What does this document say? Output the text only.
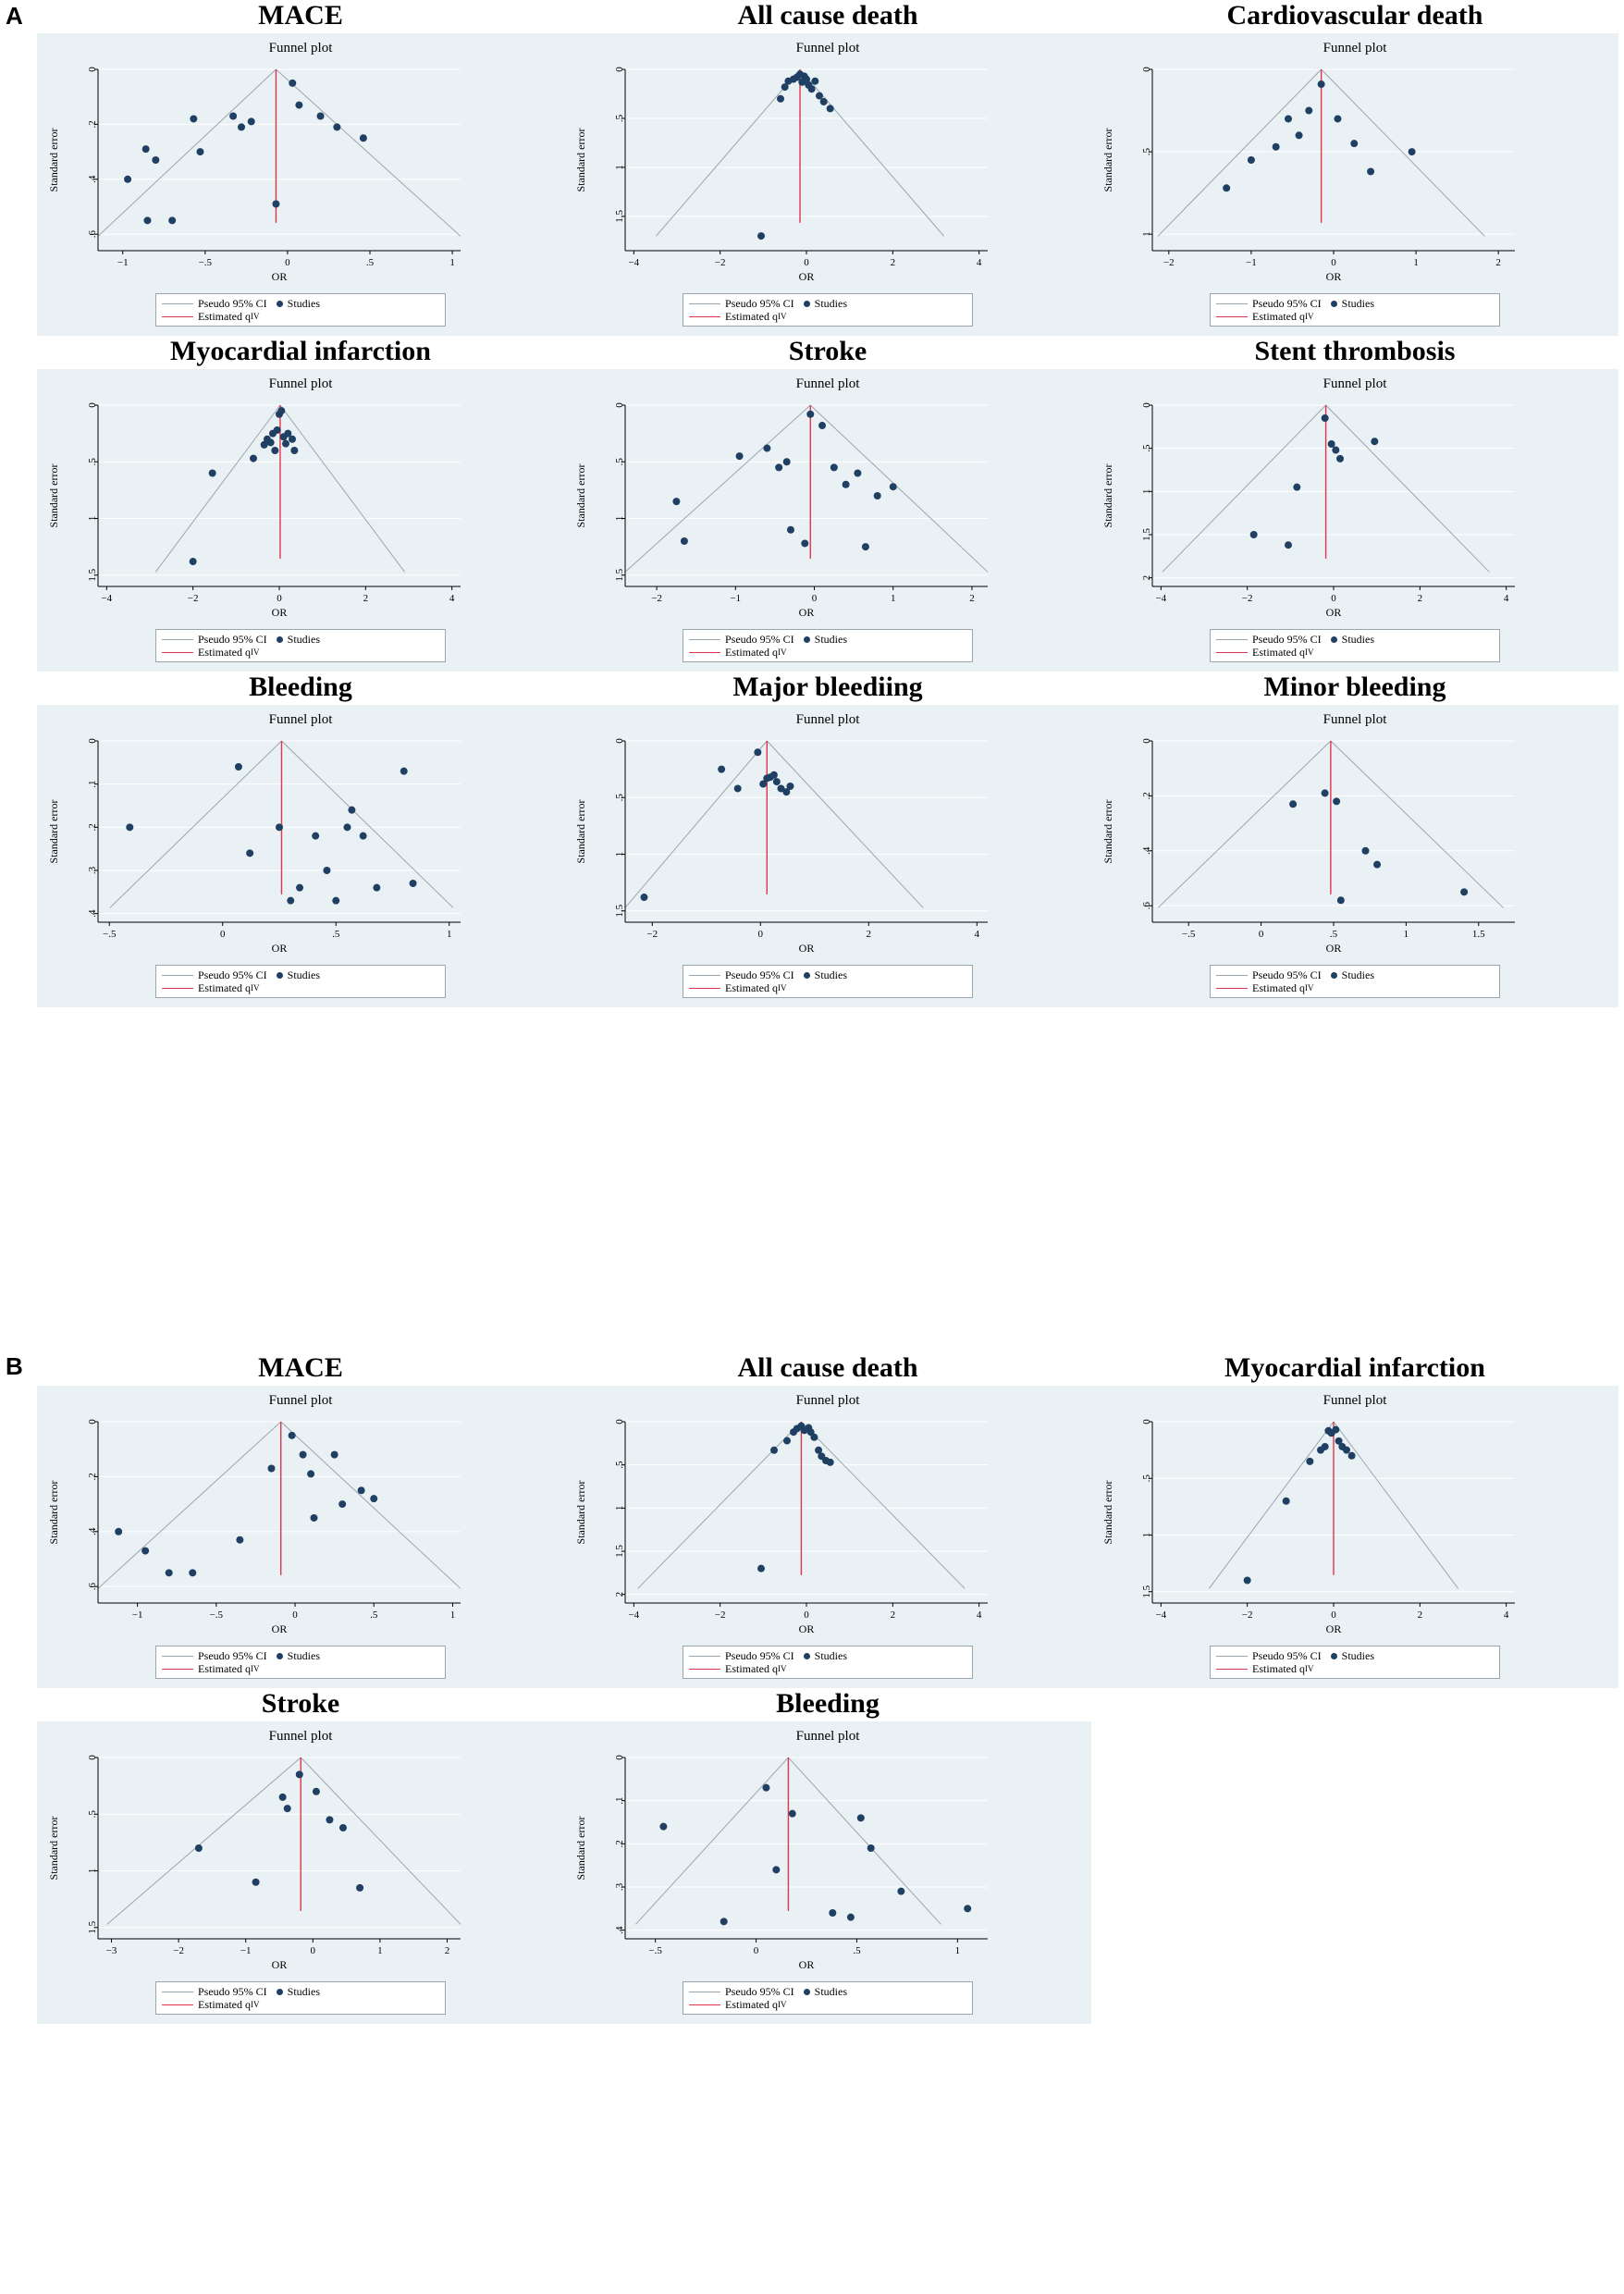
A
B
MACE
Funnel plot
−1	−.5	0	.5	1
0
.2
.4
.6
OR
Standard error
Pseudo 95% CI Studies
Estimated q IV
All cause death
Funnel plot
−4	−2	0	2	4
0
.5
1
1.5
OR
Standard error
Pseudo 95% CI Studies
Estimated q IV
Cardiovascular death
Funnel plot
−2	−1	0	1	2
0
.5
1
OR
Standard error
Pseudo 95% CI Studies
Estimated q IV
Myocardial infarction
Funnel plot
−4	−2	0	2	4
0
.5
1
1.5
OR
Standard error
Pseudo 95% CI Studies
Estimated q IV
Stroke
Funnel plot
−2	−1	0	1	2
0
.5
1
1.5
OR
Standard error
Pseudo 95% CI Studies
Estimated q IV
Stent thrombosis
Funnel plot
−4	−2	0	2	4
0
.5
1
1.5
2
OR
Standard error
Pseudo 95% CI Studies
Estimated q IV
Bleeding
Funnel plot
−.5	0	.5	1
0
.1
.2
.3
.4
OR
Standard error
Pseudo 95% CI Studies
Estimated q IV
Major bleediing
Funnel plot
−2	0	2	4
0
.5
1
1.5
OR
Standard error
Pseudo 95% CI Studies
Estimated q IV
Minor bleeding
Funnel plot
−.5	0	.5	1	1.5
0
.2
.4
.6
OR
Standard error
Pseudo 95% CI Studies
Estimated q IV
MACE
Funnel plot
−1	−.5	0	.5	1
0
.2
.4
.6
OR
Standard error
Pseudo 95% CI Studies
Estimated q IV
All cause death
Funnel plot
−4	−2	0	2	4
0
.5
1
1.5
2
OR
Standard error
Pseudo 95% CI Studies
Estimated q IV
Myocardial infarction
Funnel plot
−4	−2	0	2	4
0
.5
1
1.5
OR
Standard error
Pseudo 95% CI Studies
Estimated q IV
Stroke
Funnel plot
−3	−2	−1	0	1	2
0
.5
1
1.5
OR
Standard error
Pseudo 95% CI Studies
Estimated q IV
Bleeding
Funnel plot
−.5	0	.5	1
0
.1
.2
.3
.4
OR
Standard error
Pseudo 95% CI Studies
Estimated q IV
